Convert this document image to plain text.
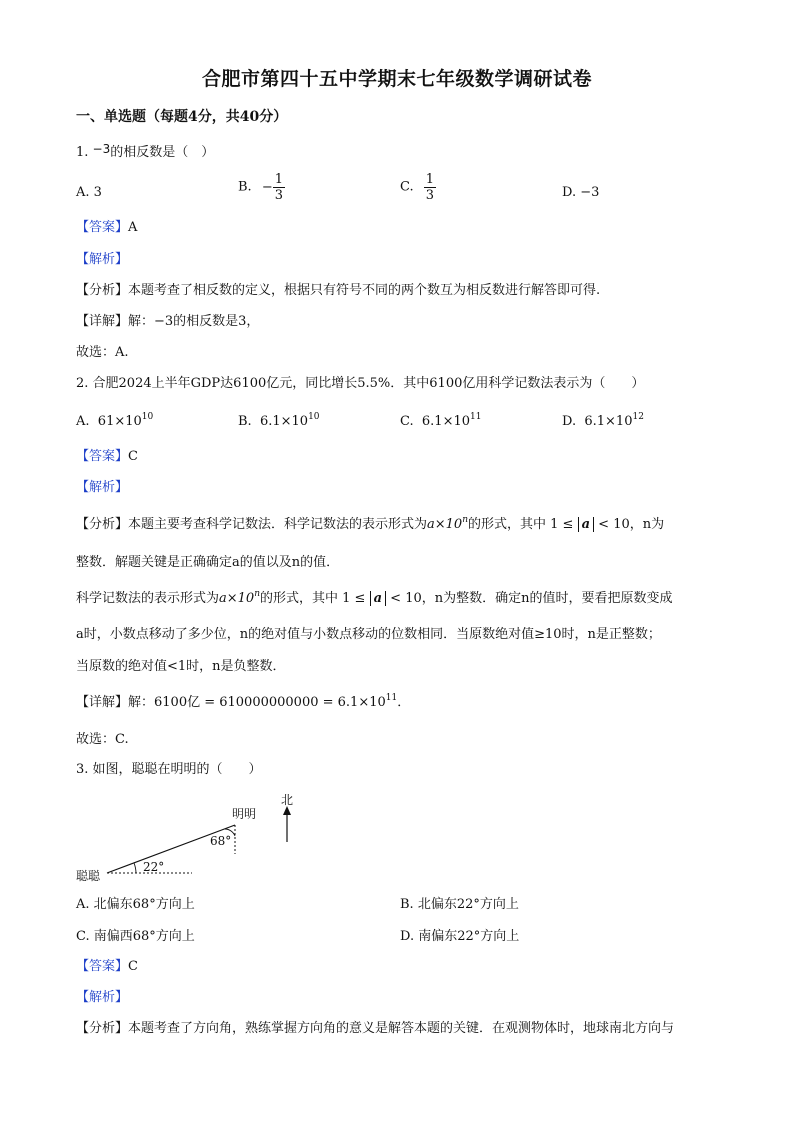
合肥市第四十五中学期末七年级数学调研试卷
一、单选题（每题4分，共40分）
1. −3的相反数是（　）
A. 3	B. − $\frac{1}{3}$	C. $\frac{1}{3}$	D. −3
【答案】A
【解析】
【分析】本题考查了相反数的定义，根据只有符号不同的两个数互为相反数进行解答即可得.
【详解】解：−3的相反数是3，
故选：A.
2. 合肥2024上半年GDP达6100亿元，同比增长5.5%．其中6100亿用科学记数法表示为（　　）
A. $61\times 10^{10}$	B. $6.1\times 10^{10}$	C. $6.1\times 10^{11}$	D. $6.1\times 10^{12}$
【答案】C
【解析】
【分析】本题主要考查科学记数法．科学记数法的表示形式为$a\times 10^n$的形式，其中 1 ≤ a < 10，n为
整数．解题关键是正确确定a的值以及n的值．
科学记数法的表示形式为$a\times 10^n$的形式，其中 1 ≤ a < 10，n为整数．确定n的值时，要看把原数变成
a时，小数点移动了多少位，n的绝对值与小数点移动的位数相同．当原数绝对值≥10时，n是正整数；
当原数的绝对值<1时，n是负整数．
【详解】解：6100亿 = $610000000000 = 6.1\times 10^{11}$．
故选：C.
3. 如图，聪聪在明明的（　　）
北
明明
68°
22°
聪聪
A. 北偏东68°方向上	B. 北偏东22°方向上
C. 南偏西68°方向上	D. 南偏东22°方向上
【答案】C
【解析】
【分析】本题考查了方向角，熟练掌握方向角的意义是解答本题的关键．在观测物体时，地球南北方向与
